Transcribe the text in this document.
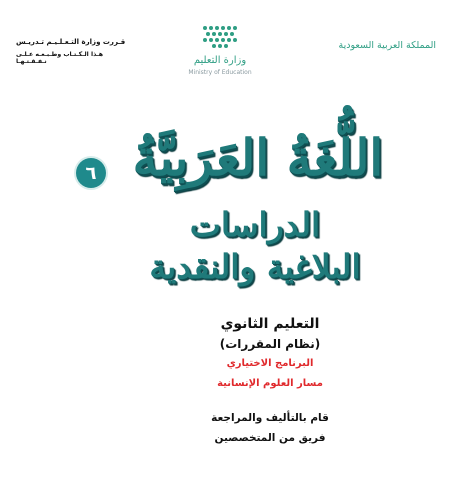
المملكة العربية السعودية
وزارة التعليم
Ministry of Education
قـررت وزارة التـعـلـيـم تـدريـس
هـذا الـكـتـاب وطـبـعـه عـلـى نـفـقـتـهـا
اللُّغَةُ العَرَبِيَّةُ
٦
الدراسات
البلاغية والنقدية
التعليم الثانوي
(نظام المقررات)
البرنامج الاختياري
مسار العلوم الإنسانية
قام بالتأليف والمراجعة
فريق من المتخصصين
